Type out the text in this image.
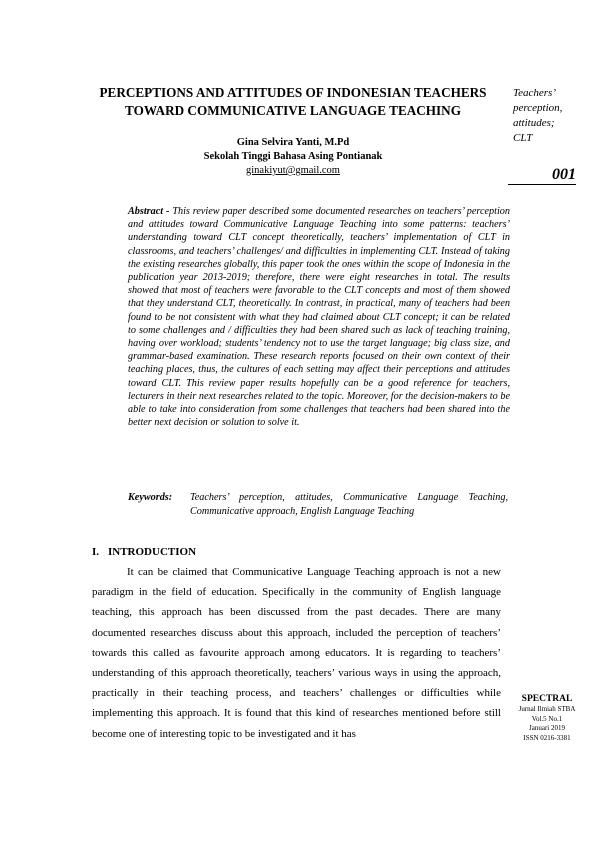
PERCEPTIONS AND ATTITUDES OF INDONESIAN TEACHERS
TOWARD COMMUNICATIVE LANGUAGE TEACHING
Teachers’
perception,
attitudes;
CLT
001
Gina Selvira Yanti, M.Pd
Sekolah Tinggi Bahasa Asing Pontianak
ginakiyut@gmail.com
Abstract - This review paper described some documented researches on teachers’ perception and attitudes toward Communicative Language Teaching into some patterns: teachers’ understanding toward CLT concept theoretically, teachers’ implementation of CLT in classrooms, and teachers’ challenges/ and difficulties in implementing CLT. Instead of taking the existing researches globally, this paper took the ones within the scope of Indonesia in the publication year 2013-2019; therefore, there were eight researches in total. The results showed that most of teachers were favorable to the CLT concepts and most of them showed that they understand CLT, theoretically. In contrast, in practical, many of teachers had been found to be not consistent with what they had claimed about CLT concept; it can be related to some challenges and / difficulties they had been shared such as lack of teaching training, having over workload; students’ tendency not to use the target language; big class size, and grammar-based examination. These research reports focused on their own context of their teaching places, thus, the cultures of each setting may affect their perceptions and attitudes toward CLT. This review paper results hopefully can be a good reference for teachers, lecturers in their next researches related to the topic. Moreover, for the decision-makers to be able to take into consideration from some challenges that teachers had been shared into the better next decision or solution to solve it.
Keywords: Teachers’ perception, attitudes, Communicative Language Teaching, Communicative approach, English Language Teaching
I. INTRODUCTION

It can be claimed that Communicative Language Teaching approach is not a new paradigm in the field of education. Specifically in the community of English language teaching, this approach has been discussed from the past decades. There are many documented researches discuss about this approach, included the perception of teachers’ towards this called as favourite approach among educators. It is regarding to teachers’ understanding of this approach theoretically, teachers’ various ways in using the approach, practically in their teaching process, and teachers’ challenges or difficulties while implementing this approach. It is found that this kind of researches mentioned before still become one of interesting topic to be investigated and it has

SPECTRAL
Jurnal Ilmiah STBA
Vol.5 No.1
Januari 2019
ISSN 0216-3381
